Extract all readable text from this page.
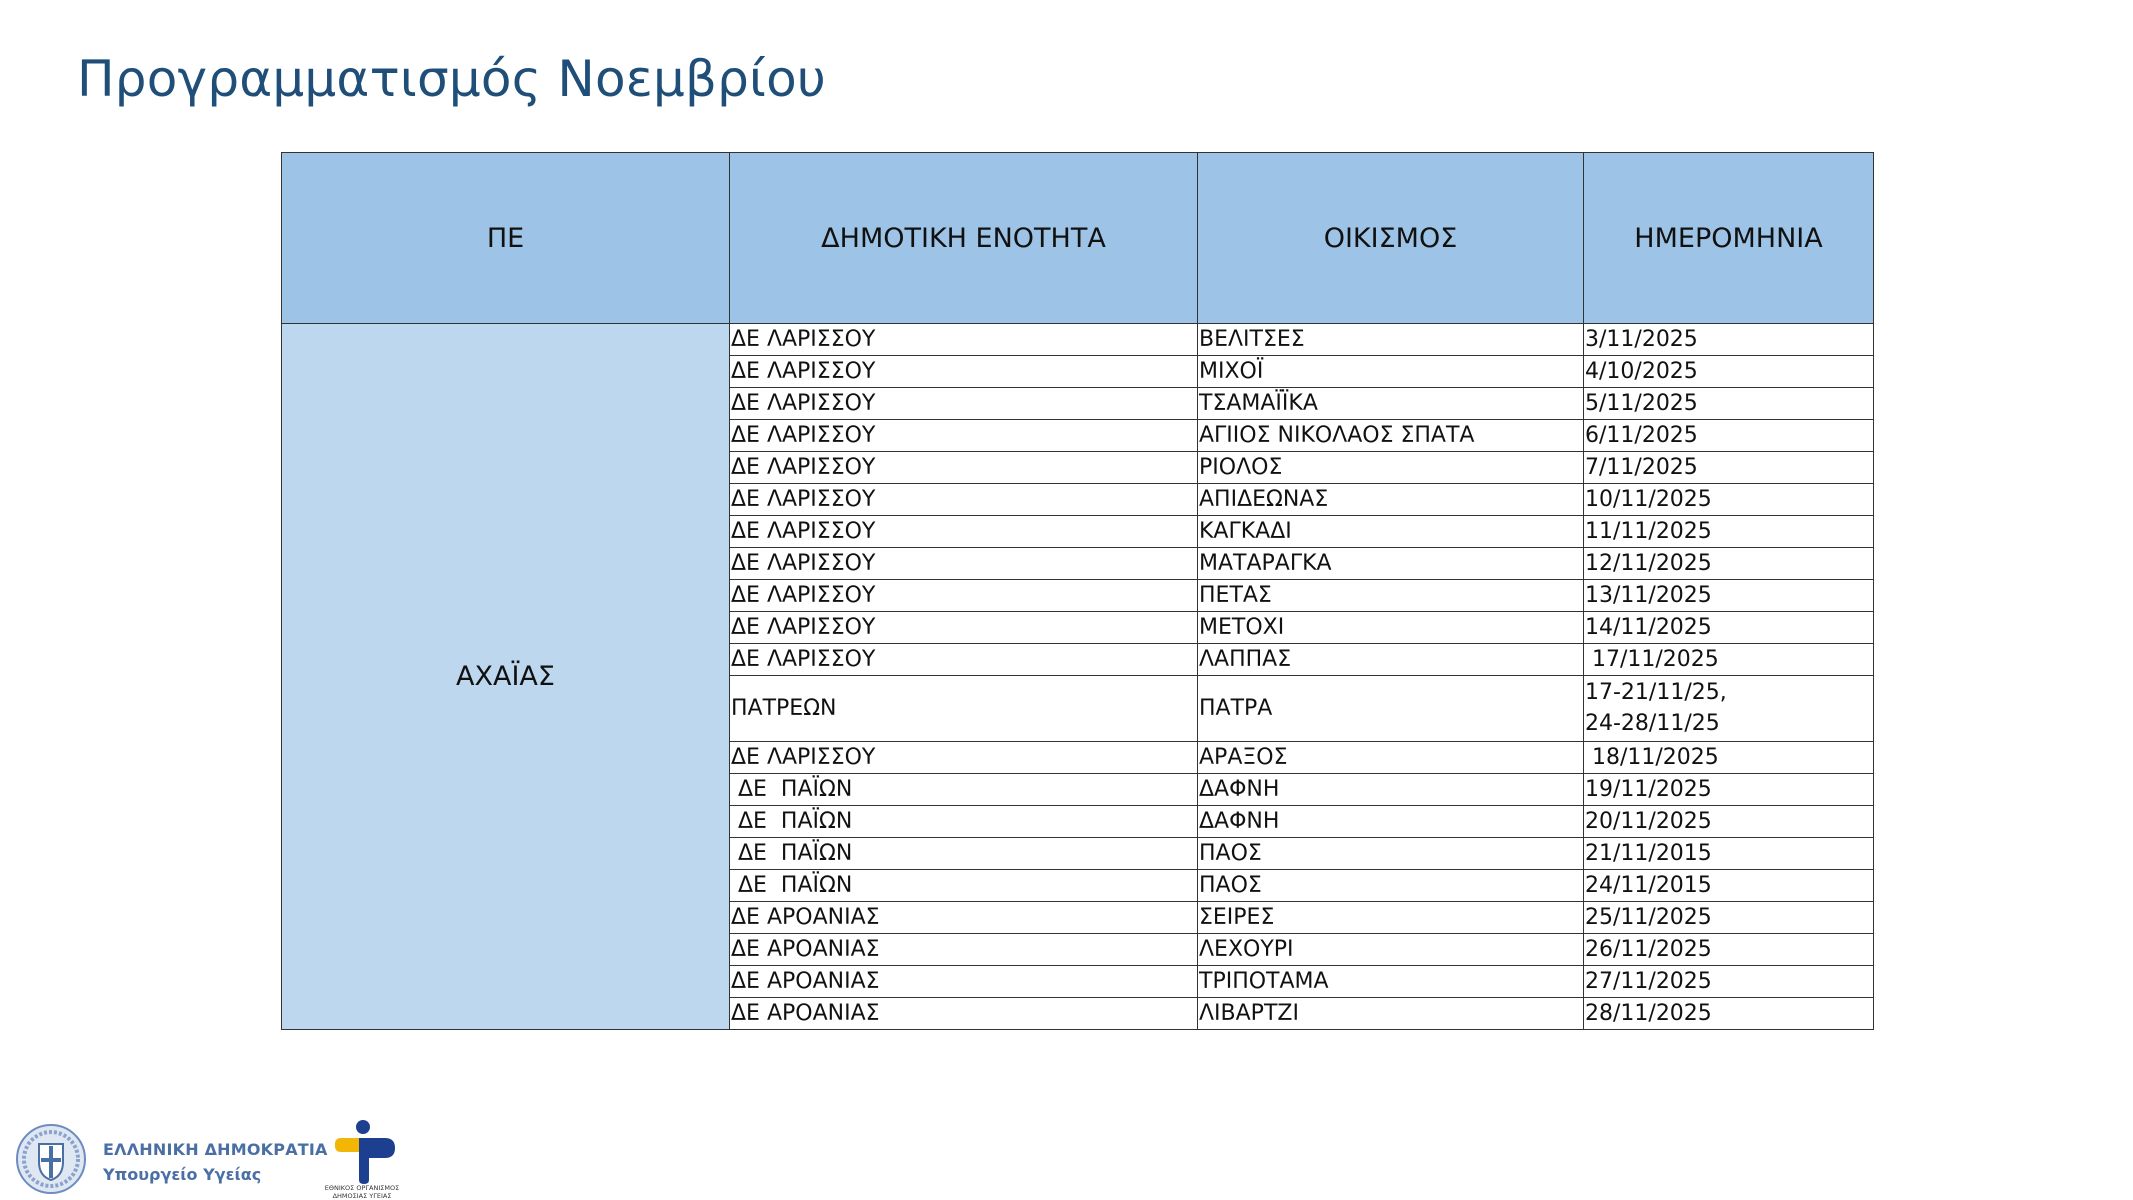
Προγραμματισμός Νοεμβρίου
ΠΕ	ΔΗΜΟΤΙΚΗ ΕΝΟΤΗΤΑ	ΟΙΚΙΣΜΟΣ	ΗΜΕΡΟΜΗΝΙΑ
ΑΧΑΪΑΣ	ΔΕ ΛΑΡΙΣΣΟΥ	ΒΕΛΙΤΣΕΣ	3/11/2025
	ΔΕ ΛΑΡΙΣΣΟΥ	ΜΙΧΟΪ	4/10/2025
	ΔΕ ΛΑΡΙΣΣΟΥ	ΤΣΑΜΑΪΪΚΑ	5/11/2025
	ΔΕ ΛΑΡΙΣΣΟΥ	ΑΓΙΙΟΣ ΝΙΚΟΛΑΟΣ ΣΠΑΤΑ	6/11/2025
	ΔΕ ΛΑΡΙΣΣΟΥ	ΡΙΟΛΟΣ	7/11/2025
	ΔΕ ΛΑΡΙΣΣΟΥ	ΑΠΙΔΕΩΝΑΣ	10/11/2025
	ΔΕ ΛΑΡΙΣΣΟΥ	ΚΑΓΚΑΔΙ	11/11/2025
	ΔΕ ΛΑΡΙΣΣΟΥ	ΜΑΤΑΡΑΓΚΑ	12/11/2025
	ΔΕ ΛΑΡΙΣΣΟΥ	ΠΕΤΑΣ	13/11/2025
	ΔΕ ΛΑΡΙΣΣΟΥ	ΜΕΤΟΧΙ	14/11/2025
	ΔΕ ΛΑΡΙΣΣΟΥ	ΛΑΠΠΑΣ	17/11/2025
	ΠΑΤΡΕΩΝ	ΠΑΤΡΑ	17-21/11/25,
24-28/11/25

	ΔΕ ΛΑΡΙΣΣΟΥ	ΑΡΑΞΟΣ	18/11/2025
	ΔΕ  ΠΑΪΩΝ	ΔΑΦΝΗ	19/11/2025
	ΔΕ  ΠΑΪΩΝ	ΔΑΦΝΗ	20/11/2025
	ΔΕ  ΠΑΪΩΝ	ΠΑΟΣ	21/11/2015
	ΔΕ  ΠΑΪΩΝ	ΠΑΟΣ	24/11/2015
	ΔΕ ΑΡΟΑΝΙΑΣ	ΣΕΙΡΕΣ	25/11/2025
	ΔΕ ΑΡΟΑΝΙΑΣ	ΛΕΧΟΥΡΙ	26/11/2025
	ΔΕ ΑΡΟΑΝΙΑΣ	ΤΡΙΠΟΤΑΜΑ	27/11/2025
	ΔΕ ΑΡΟΑΝΙΑΣ	ΛΙΒΑΡΤΖΙ	28/11/2025
ΕΛΛΗΝΙΚΗ ΔΗΜΟΚΡΑΤΙΑ
Υπουργείο Υγείας
ΕΘΝΙΚΟΣ ΟΡΓΑΝΙΣΜΟΣ
ΔΗΜΟΣΙΑΣ ΥΓΕΙΑΣ
